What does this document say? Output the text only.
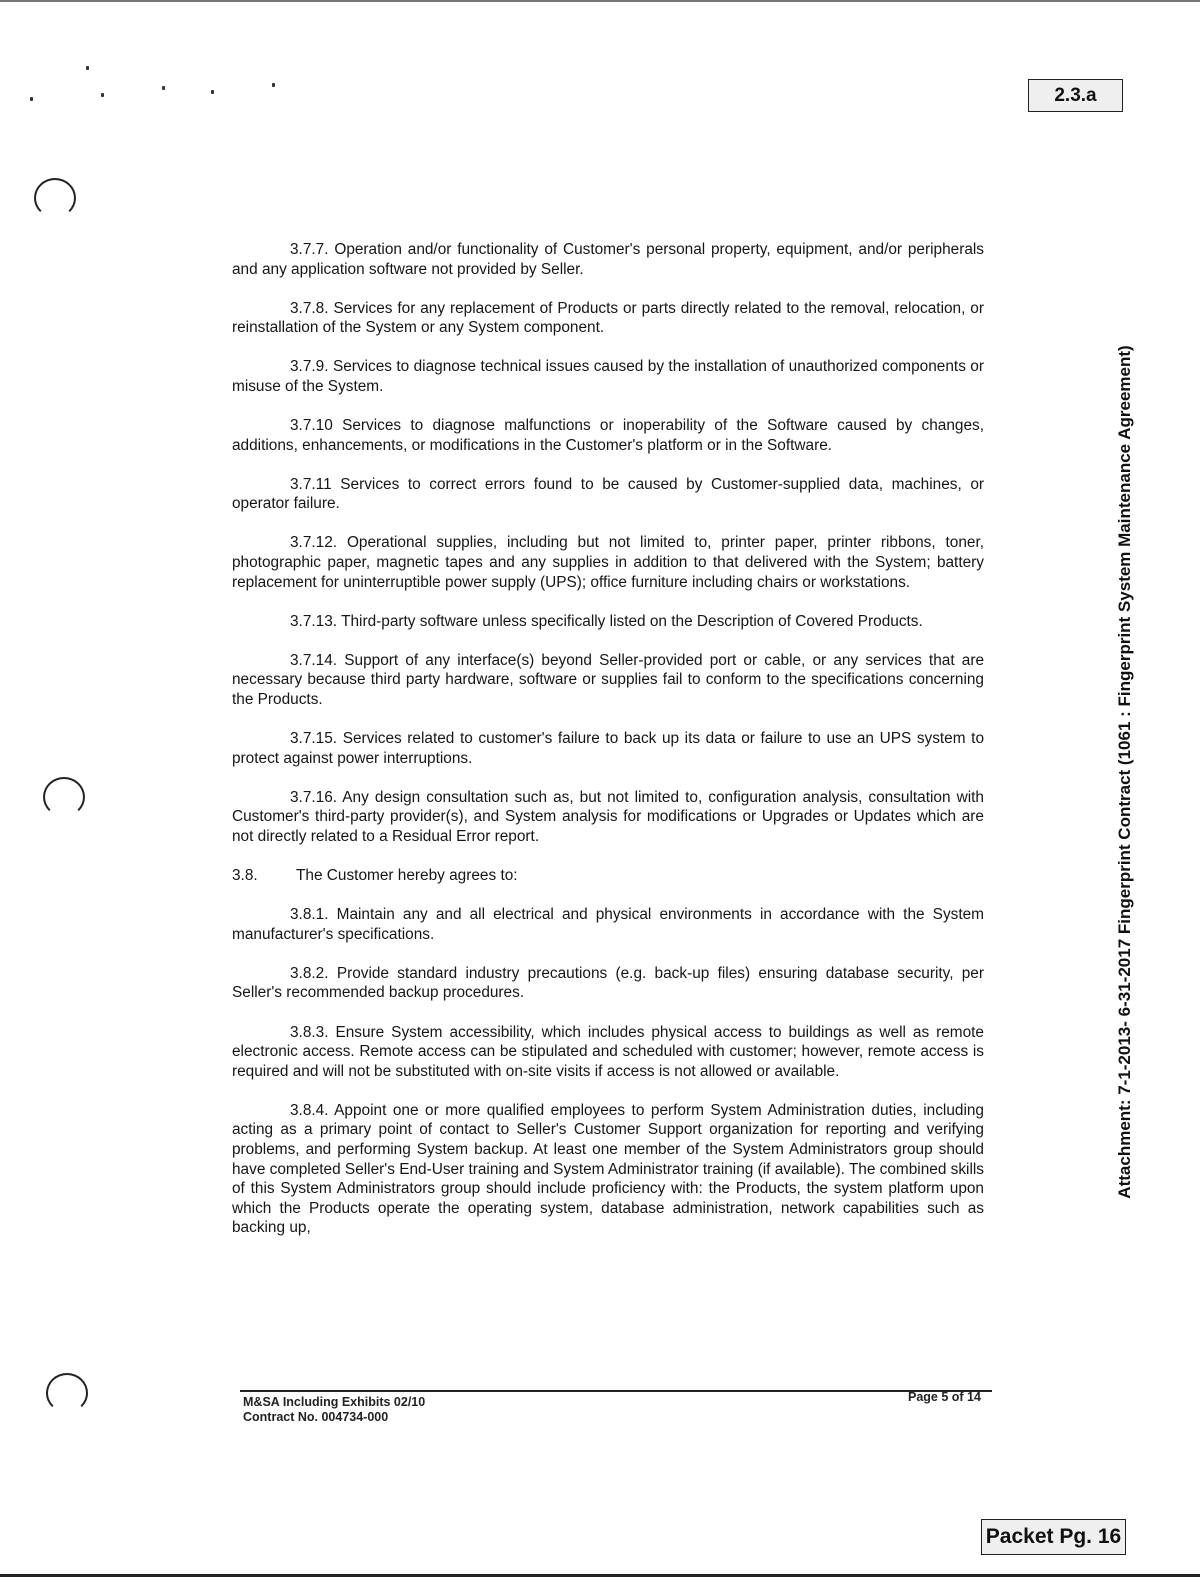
2.3.a
Attachment: 7-1-2013- 6-31-2017 Fingerprint Contract (1061 : Fingerprint System Maintenance Agreement)

3.7.7. Operation and/or functionality of Customer's personal property, equipment, and/or peripherals and any application software not provided by Seller.

3.7.8. Services for any replacement of Products or parts directly related to the removal, relocation, or reinstallation of the System or any System component.

3.7.9. Services to diagnose technical issues caused by the installation of unauthorized components or misuse of the System.

3.7.10 Services to diagnose malfunctions or inoperability of the Software caused by changes, additions, enhancements, or modifications in the Customer's platform or in the Software.

3.7.11 Services to correct errors found to be caused by Customer-supplied data, machines, or operator failure.

3.7.12. Operational supplies, including but not limited to, printer paper, printer ribbons, toner, photographic paper, magnetic tapes and any supplies in addition to that delivered with the System; battery replacement for uninterruptible power supply (UPS); office furniture including chairs or workstations.

3.7.13. Third-party software unless specifically listed on the Description of Covered Products.

3.7.14. Support of any interface(s) beyond Seller-provided port or cable, or any services that are necessary because third party hardware, software or supplies fail to conform to the specifications concerning the Products.

3.7.15. Services related to customer's failure to back up its data or failure to use an UPS system to protect against power interruptions.

3.7.16. Any design consultation such as, but not limited to, configuration analysis, consultation with Customer's third-party provider(s), and System analysis for modifications or Upgrades or Updates which are not directly related to a Residual Error report.

3.8. The Customer hereby agrees to:

3.8.1. Maintain any and all electrical and physical environments in accordance with the System manufacturer's specifications.

3.8.2. Provide standard industry precautions (e.g. back-up files) ensuring database security, per Seller's recommended backup procedures.

3.8.3. Ensure System accessibility, which includes physical access to buildings as well as remote electronic access. Remote access can be stipulated and scheduled with customer; however, remote access is required and will not be substituted with on-site visits if access is not allowed or available.

3.8.4. Appoint one or more qualified employees to perform System Administration duties, including acting as a primary point of contact to Seller's Customer Support organization for reporting and verifying problems, and performing System backup. At least one member of the System Administrators group should have completed Seller's End-User training and System Administrator training (if available). The combined skills of this System Administrators group should include proficiency with: the Products, the system platform upon which the Products operate the operating system, database administration, network capabilities such as backing up,

M&SA Including Exhibits 02/10
Contract No. 004734-000
Page 5 of 14
Packet Pg. 16
